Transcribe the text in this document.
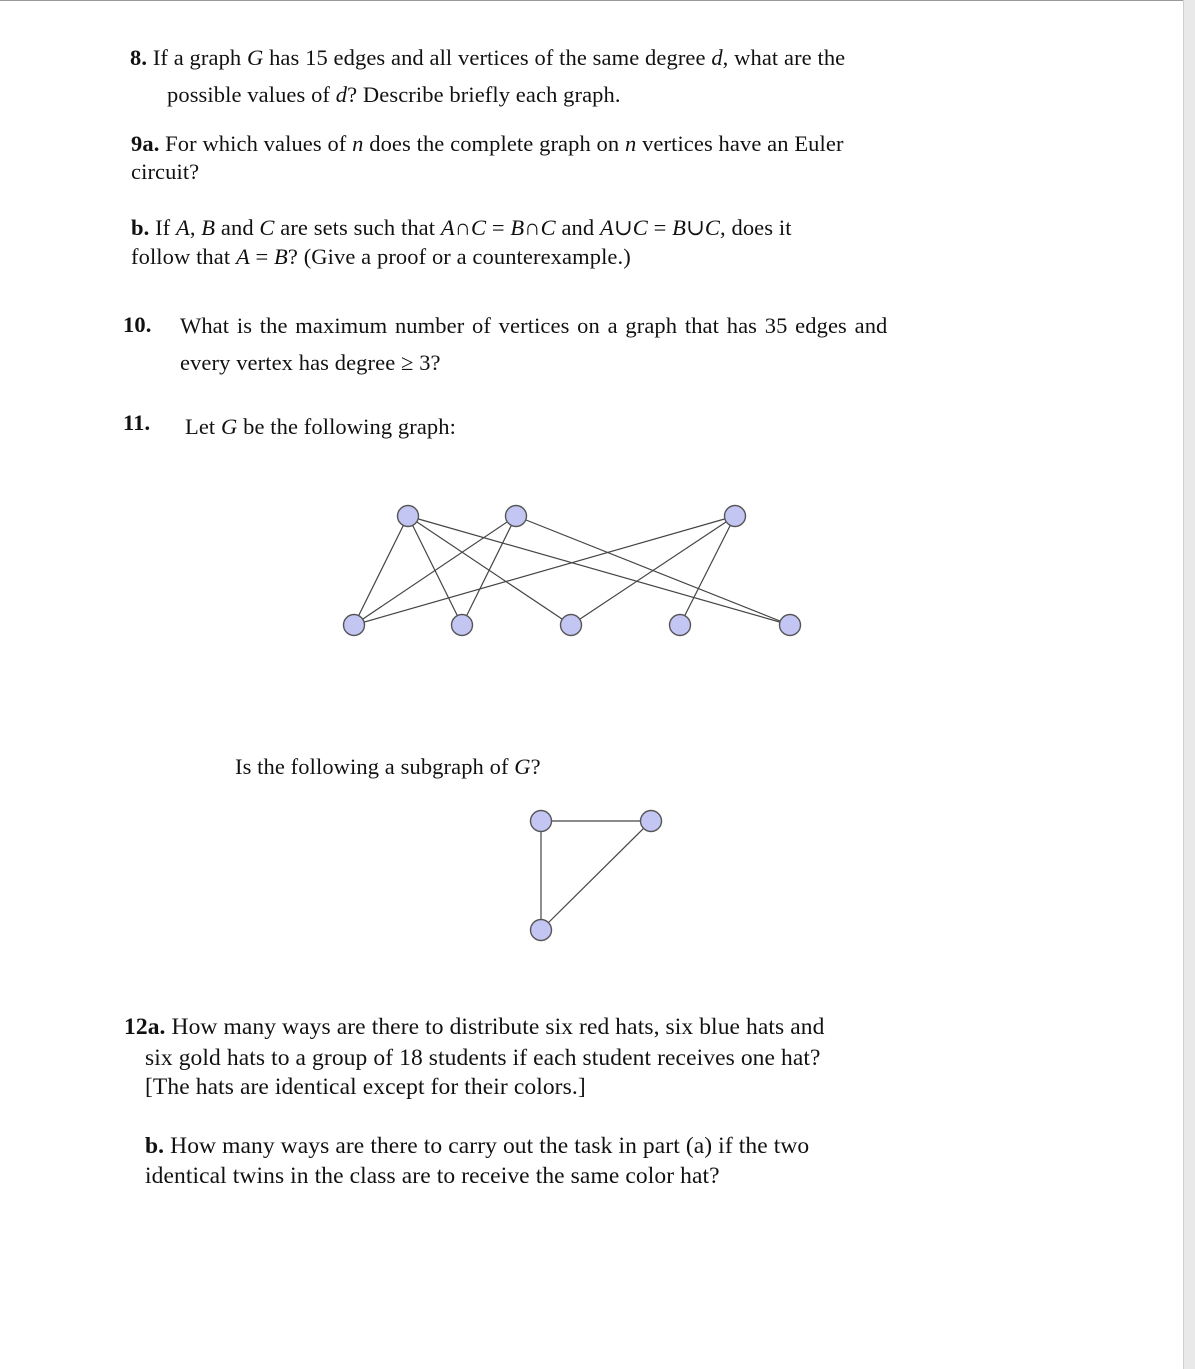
8. If a graph G has 15 edges and all vertices of the same degree d, what are the
possible values of d? Describe briefly each graph.
9a. For which values of n does the complete graph on n vertices have an Euler
circuit?
b. If A, B and C are sets such that A∩C = B∩C and A∪C = B∪C, does it
follow that A = B? (Give a proof or a counterexample.)
10. What is the maximum number of vertices on a graph that has 35 edges and
every vertex has degree ≥ 3?
11. Let G be the following graph:
Is the following a subgraph of G?
12a. How many ways are there to distribute six red hats, six blue hats and
six gold hats to a group of 18 students if each student receives one hat?
[The hats are identical except for their colors.]
b. How many ways are there to carry out the task in part (a) if the two
identical twins in the class are to receive the same color hat?
